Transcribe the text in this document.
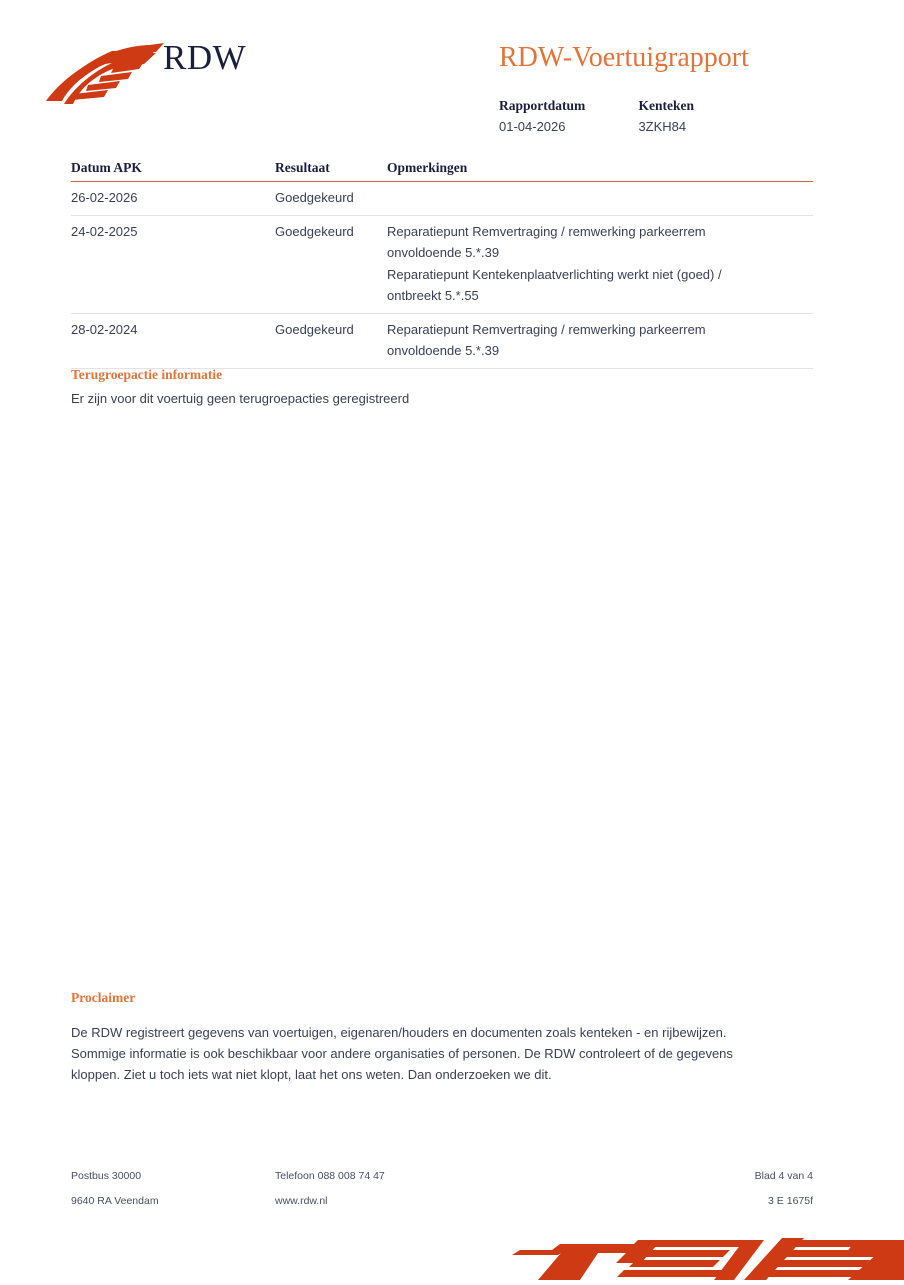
RDW	RDW-Voertuigrapport
Rapportdatum
01-04-2026

Kenteken
3ZKH84
Datum APK	Resultaat	Opmerkingen
26-02-2026	Goedgekeurd

24-02-2025	Goedgekeurd	Reparatiepunt Remvertraging / remwerking parkeerrem
onvoldoende 5.*.39
Reparatiepunt Kentekenplaatverlichting werkt niet (goed) /
ontbreekt 5.*.55
28-02-2024	Goedgekeurd	Reparatiepunt Remvertraging / remwerking parkeerrem
onvoldoende 5.*.39
Terugroepactie informatie
Er zijn voor dit voertuig geen terugroepacties geregistreerd
Proclaimer
De RDW registreert gegevens van voertuigen, eigenaren/houders en documenten zoals kenteken - en rijbewijzen. Sommige informatie is ook beschikbaar voor andere organisaties of personen. De RDW controleert of de gegevens kloppen. Ziet u toch iets wat niet klopt, laat het ons weten. Dan onderzoeken we dit.
Postbus 30000	Telefoon 088 008 74 47	Blad 4 van 4
9640 RA Veendam	www.rdw.nl	3 E 1675f
